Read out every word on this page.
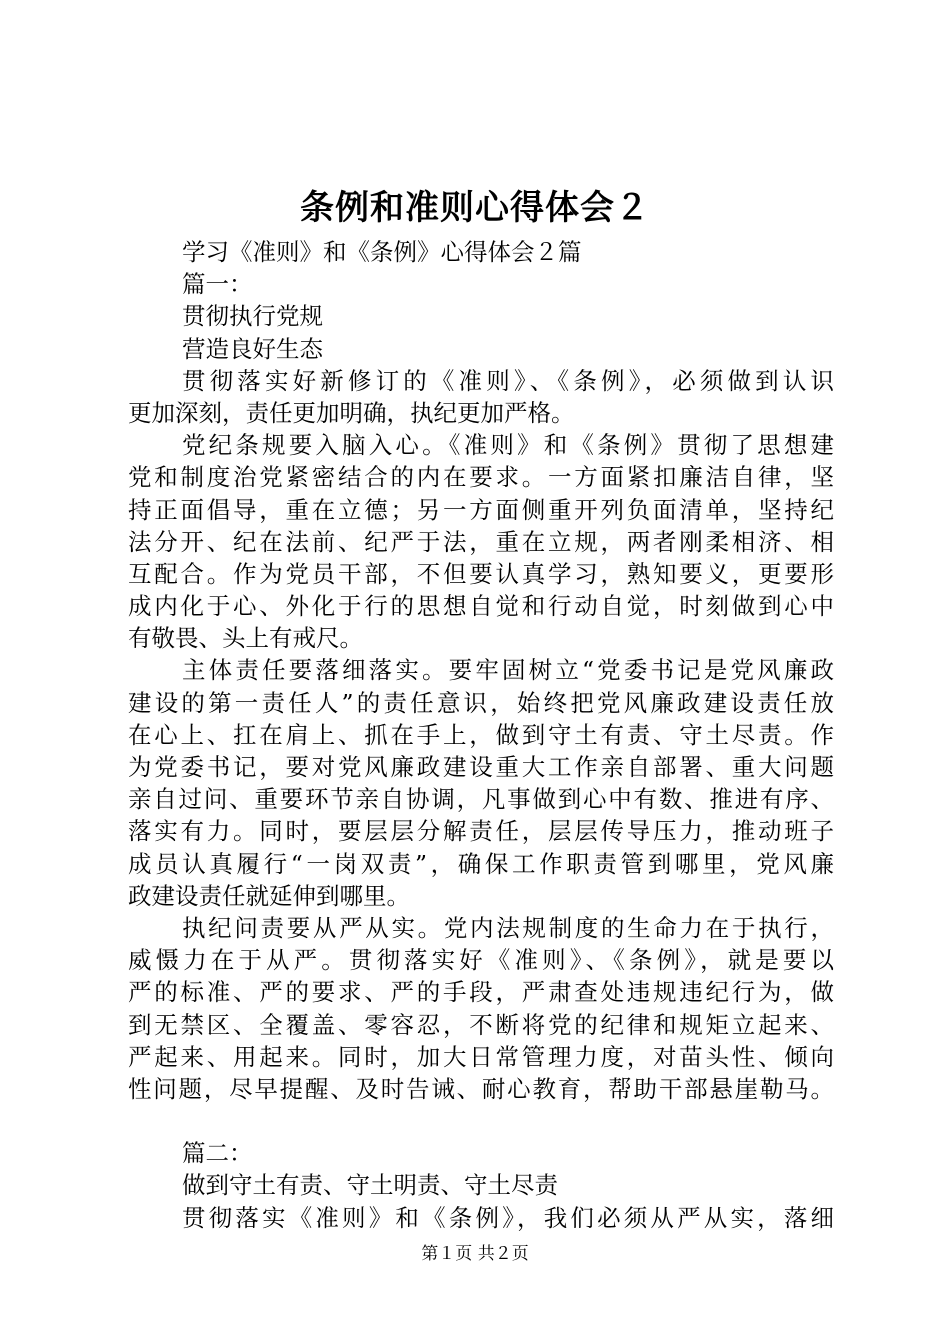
条例和准则心得体会２
学习《准则》和《条例》心得体会２篇
篇一：
贯彻执行党规
营造良好生态
贯彻落实好新修订的《准则》、《条例》，必须做到认识
更加深刻，责任更加明确，执纪更加严格。
党纪条规要入脑入心。《准则》和《条例》贯彻了思想建
党和制度治党紧密结合的内在要求。一方面紧扣廉洁自律，坚
持正面倡导，重在立德；另一方面侧重开列负面清单，坚持纪
法分开、纪在法前、纪严于法，重在立规，两者刚柔相济、相
互配合。作为党员干部，不但要认真学习，熟知要义，更要形
成内化于心、外化于行的思想自觉和行动自觉，时刻做到心中
有敬畏、头上有戒尺。
主体责任要落细落实。要牢固树立“党委书记是党风廉政
建设的第一责任人”的责任意识，始终把党风廉政建设责任放
在心上、扛在肩上、抓在手上，做到守土有责、守土尽责。作
为党委书记，要对党风廉政建设重大工作亲自部署、重大问题
亲自过问、重要环节亲自协调，凡事做到心中有数、推进有序、
落实有力。同时，要层层分解责任，层层传导压力，推动班子
成员认真履行“一岗双责”，确保工作职责管到哪里，党风廉
政建设责任就延伸到哪里。
执纪问责要从严从实。党内法规制度的生命力在于执行，
威慑力在于从严。贯彻落实好《准则》、《条例》，就是要以
严的标准、严的要求、严的手段，严肃查处违规违纪行为，做
到无禁区、全覆盖、零容忍，不断将党的纪律和规矩立起来、
严起来、用起来。同时，加大日常管理力度，对苗头性、倾向
性问题，尽早提醒、及时告诫、耐心教育，帮助干部悬崖勒马。
篇二：
做到守土有责、守土明责、守土尽责
贯彻落实《准则》和《条例》，我们必须从严从实，落细
第１页 共２页
